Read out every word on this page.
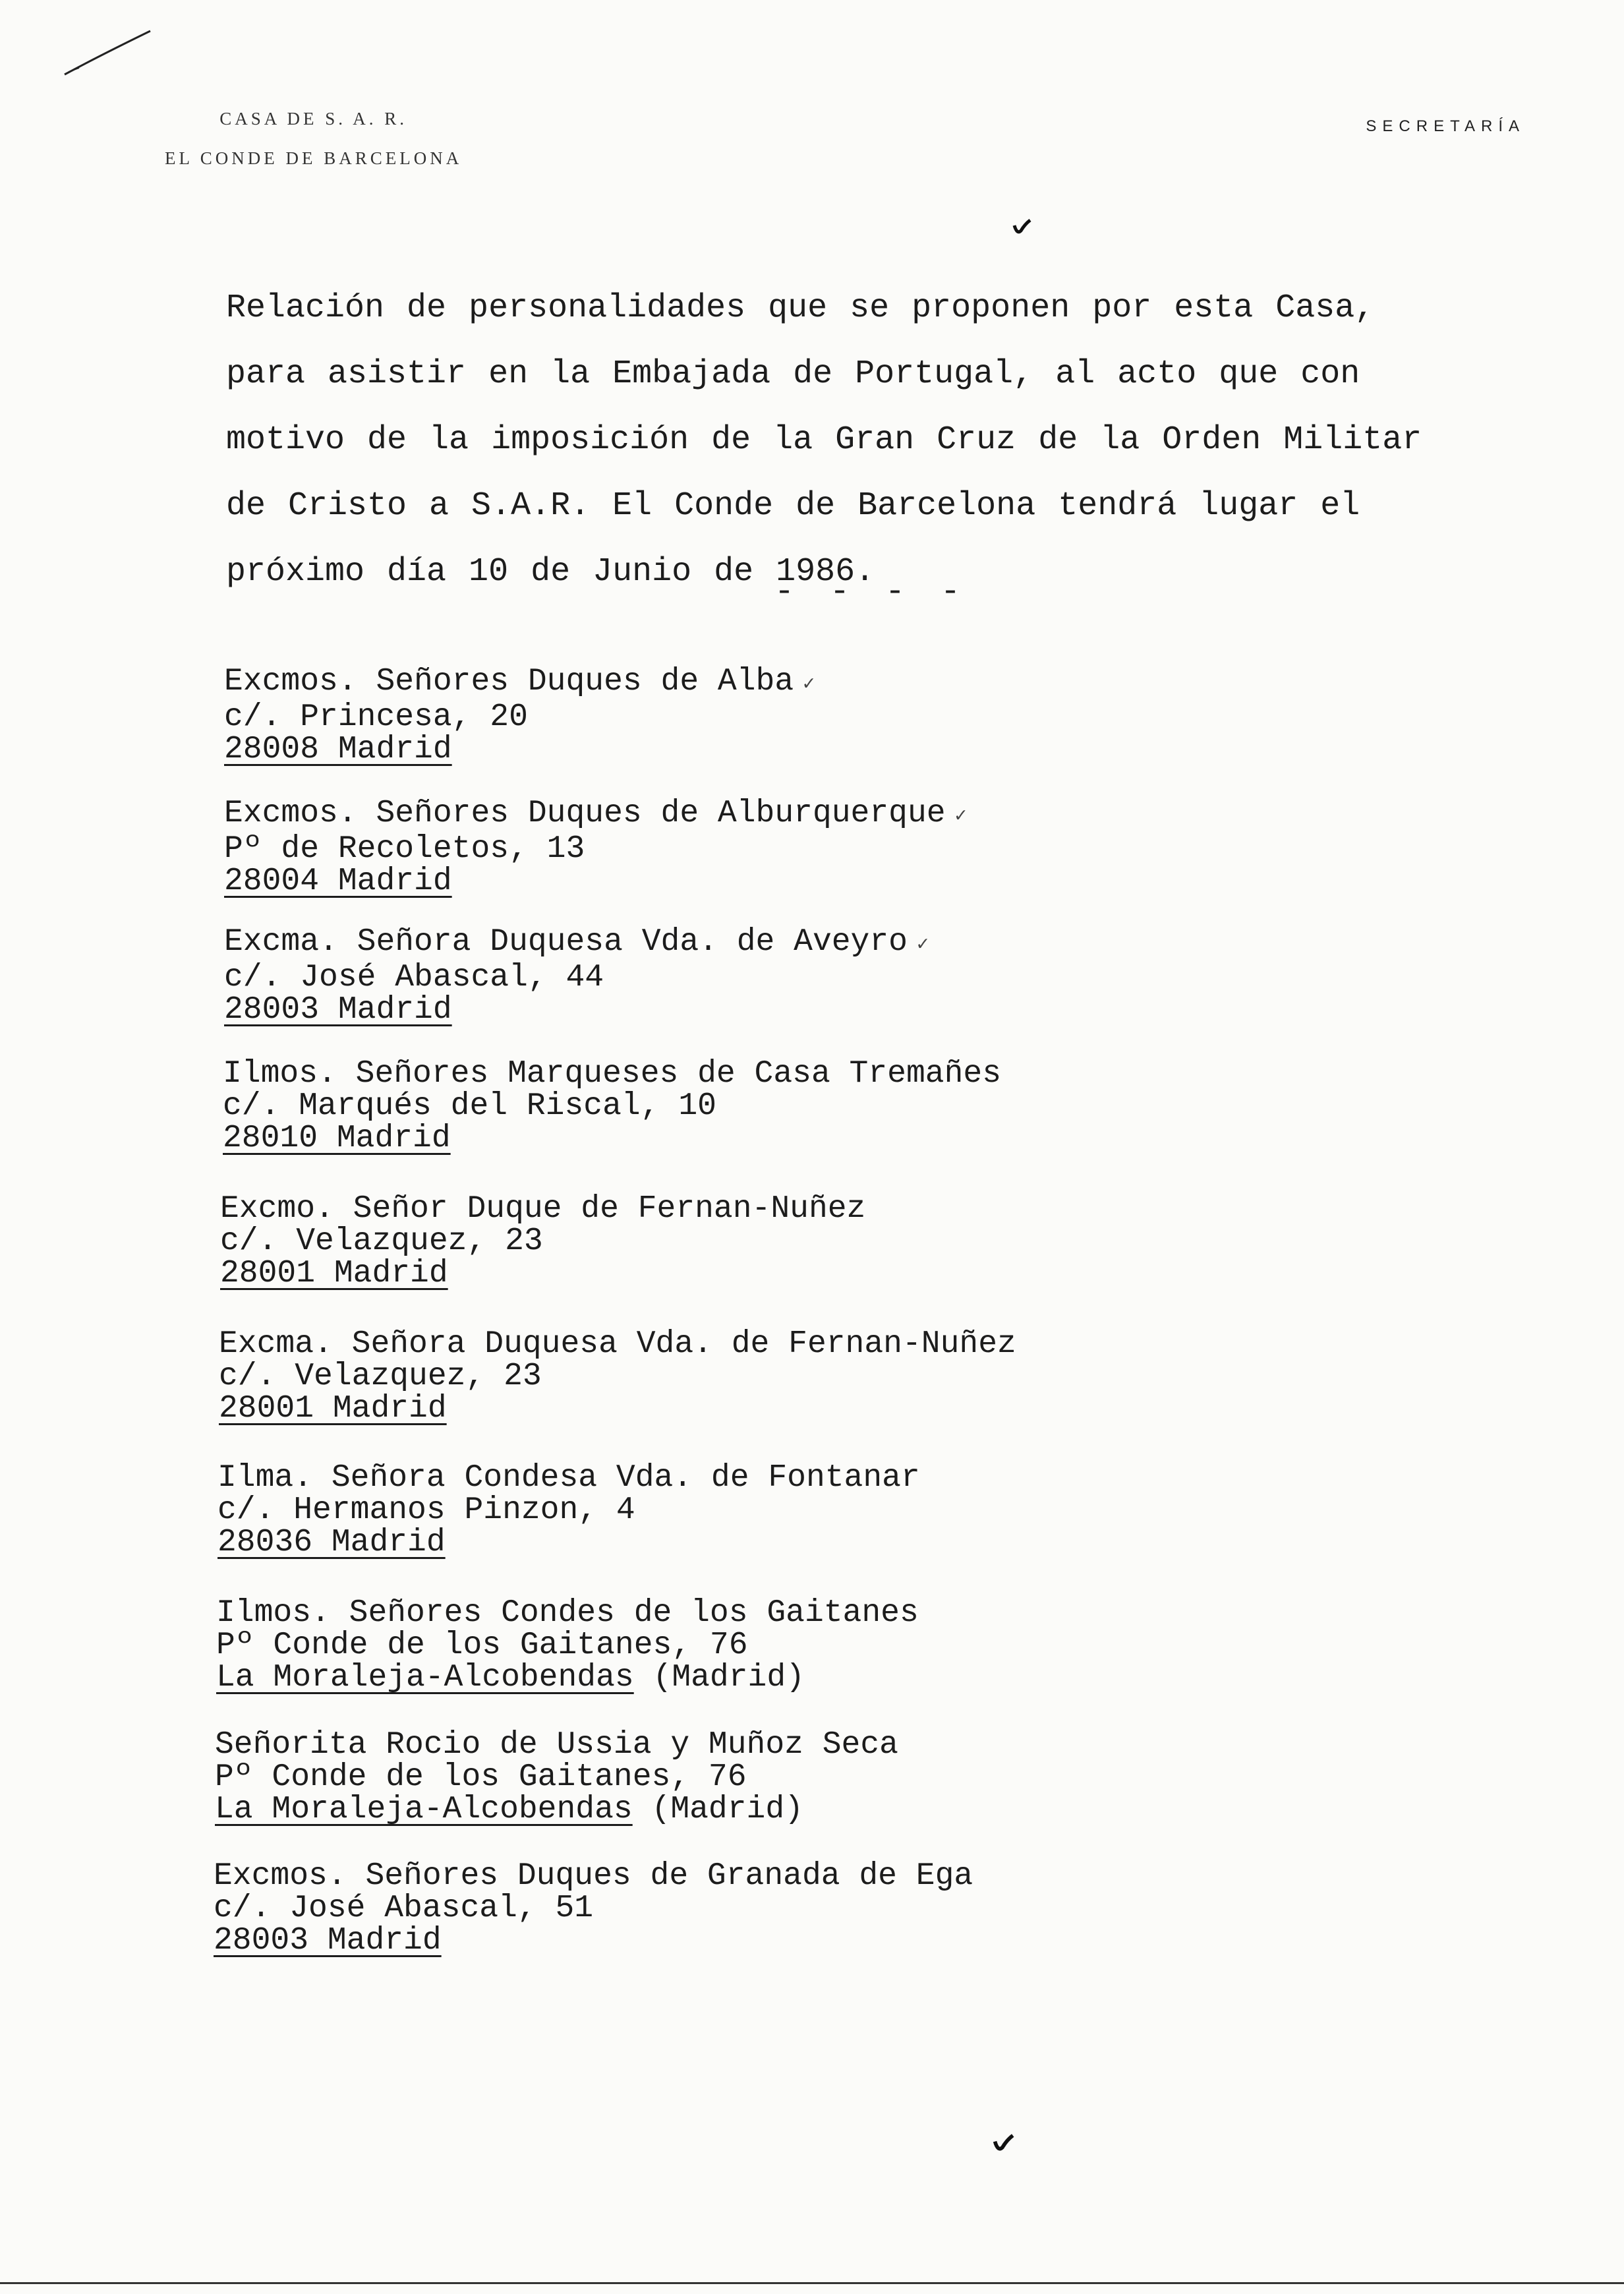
CASA DE S. A. R.
EL CONDE DE BARCELONA
SECRETARÍA

Relación de personalidades que se proponen por esta Casa, para asistir en la Embajada de Portugal, al acto que con motivo de la imposición de la Gran Cruz de la Orden Militar de Cristo a S.A.R. El Conde de Barcelona tendrá lugar el próximo día 10 de Junio de 1986.

- - - -
Excmos. Señores Duques de Alba ✓
c/. Princesa, 20
28008 Madrid
Excmos. Señores Duques de Alburquerque ✓
Pº de Recoletos, 13
28004 Madrid
Excma. Señora Duquesa Vda. de Aveyro ✓
c/. José Abascal, 44
28003 Madrid
Ilmos. Señores Marqueses de Casa Tremañes
c/. Marqués del Riscal, 10
28010 Madrid
Excmo. Señor Duque de Fernan-Nuñez
c/. Velazquez, 23
28001 Madrid
Excma. Señora Duquesa Vda. de Fernan-Nuñez
c/. Velazquez, 23
28001 Madrid
Ilma. Señora Condesa Vda. de Fontanar
c/. Hermanos Pinzon, 4
28036 Madrid
Ilmos. Señores Condes de los Gaitanes
Pº Conde de los Gaitanes, 76
La Moraleja-Alcobendas (Madrid)
Señorita Rocio de Ussia y Muñoz Seca
Pº Conde de los Gaitanes, 76
La Moraleja-Alcobendas (Madrid)
Excmos. Señores Duques de Granada de Ega
c/. José Abascal, 51
28003 Madrid
